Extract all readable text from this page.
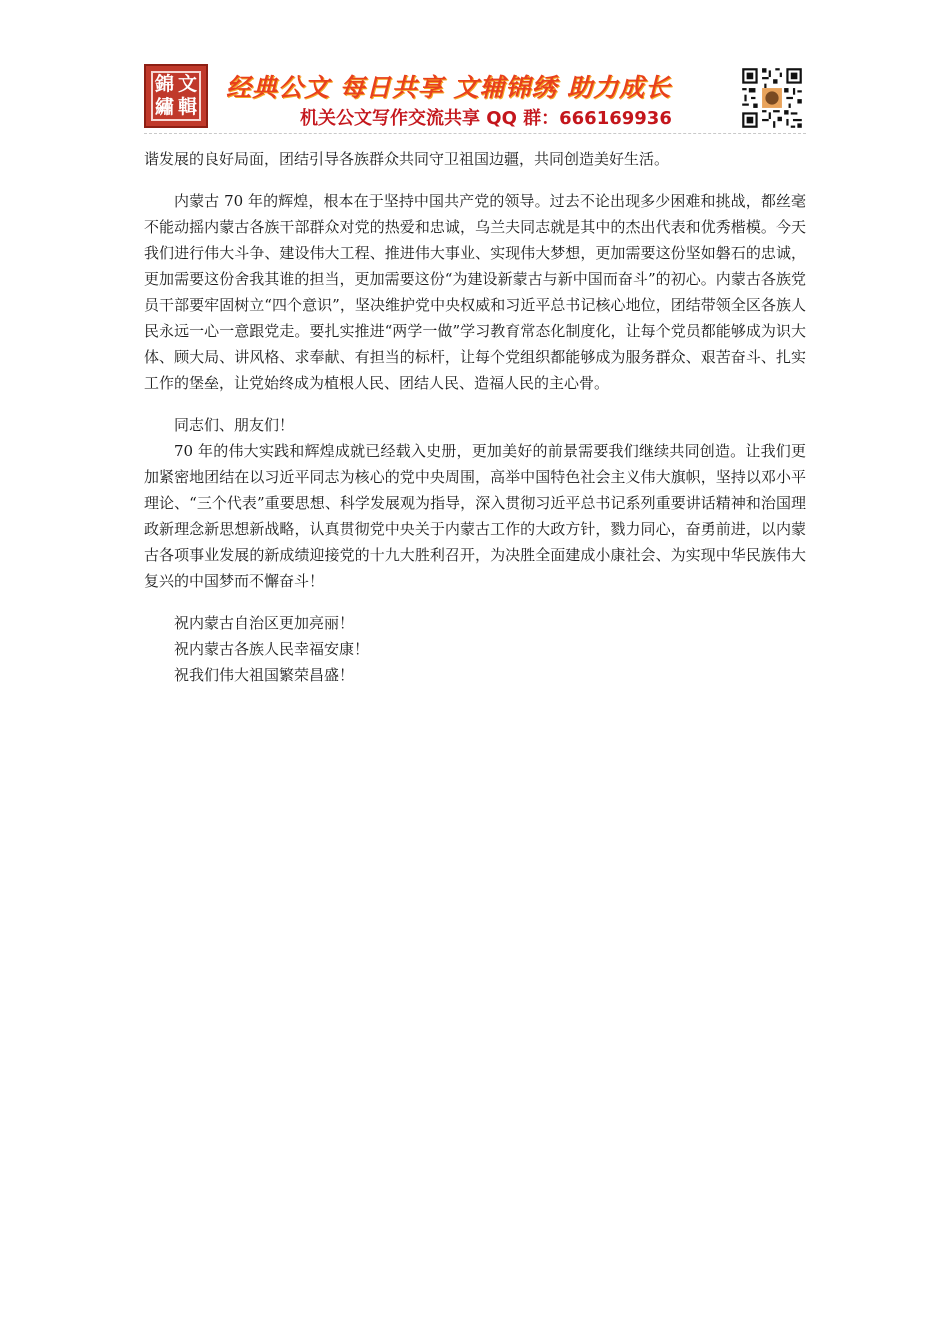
錦 文
繡 輯
经典公文 每日共享 文辅锦绣 助力成长
机关公文写作交流共享 QQ 群：666169936

谐发展的良好局面，团结引导各族群众共同守卫祖国边疆，共同创造美好生活。

内蒙古 70 年的辉煌，根本在于坚持中国共产党的领导。过去不论出现多少困难和挑战，都丝毫不能动摇内蒙古各族干部群众对党的热爱和忠诚，乌兰夫同志就是其中的杰出代表和优秀楷模。今天我们进行伟大斗争、建设伟大工程、推进伟大事业、实现伟大梦想，更加需要这份坚如磐石的忠诚，更加需要这份舍我其谁的担当，更加需要这份“为建设新蒙古与新中国而奋斗”的初心。内蒙古各族党员干部要牢固树立“四个意识”，坚决维护党中央权威和习近平总书记核心地位，团结带领全区各族人民永远一心一意跟党走。要扎实推进“两学一做”学习教育常态化制度化，让每个党员都能够成为识大体、顾大局、讲风格、求奉献、有担当的标杆，让每个党组织都能够成为服务群众、艰苦奋斗、扎实工作的堡垒，让党始终成为植根人民、团结人民、造福人民的主心骨。

同志们、朋友们！

70 年的伟大实践和辉煌成就已经载入史册，更加美好的前景需要我们继续共同创造。让我们更加紧密地团结在以习近平同志为核心的党中央周围，高举中国特色社会主义伟大旗帜，坚持以邓小平理论、“三个代表”重要思想、科学发展观为指导，深入贯彻习近平总书记系列重要讲话精神和治国理政新理念新思想新战略，认真贯彻党中央关于内蒙古工作的大政方针，戮力同心，奋勇前进，以内蒙古各项事业发展的新成绩迎接党的十九大胜利召开，为决胜全面建成小康社会、为实现中华民族伟大复兴的中国梦而不懈奋斗！

祝内蒙古自治区更加亮丽！

祝内蒙古各族人民幸福安康！

祝我们伟大祖国繁荣昌盛！
